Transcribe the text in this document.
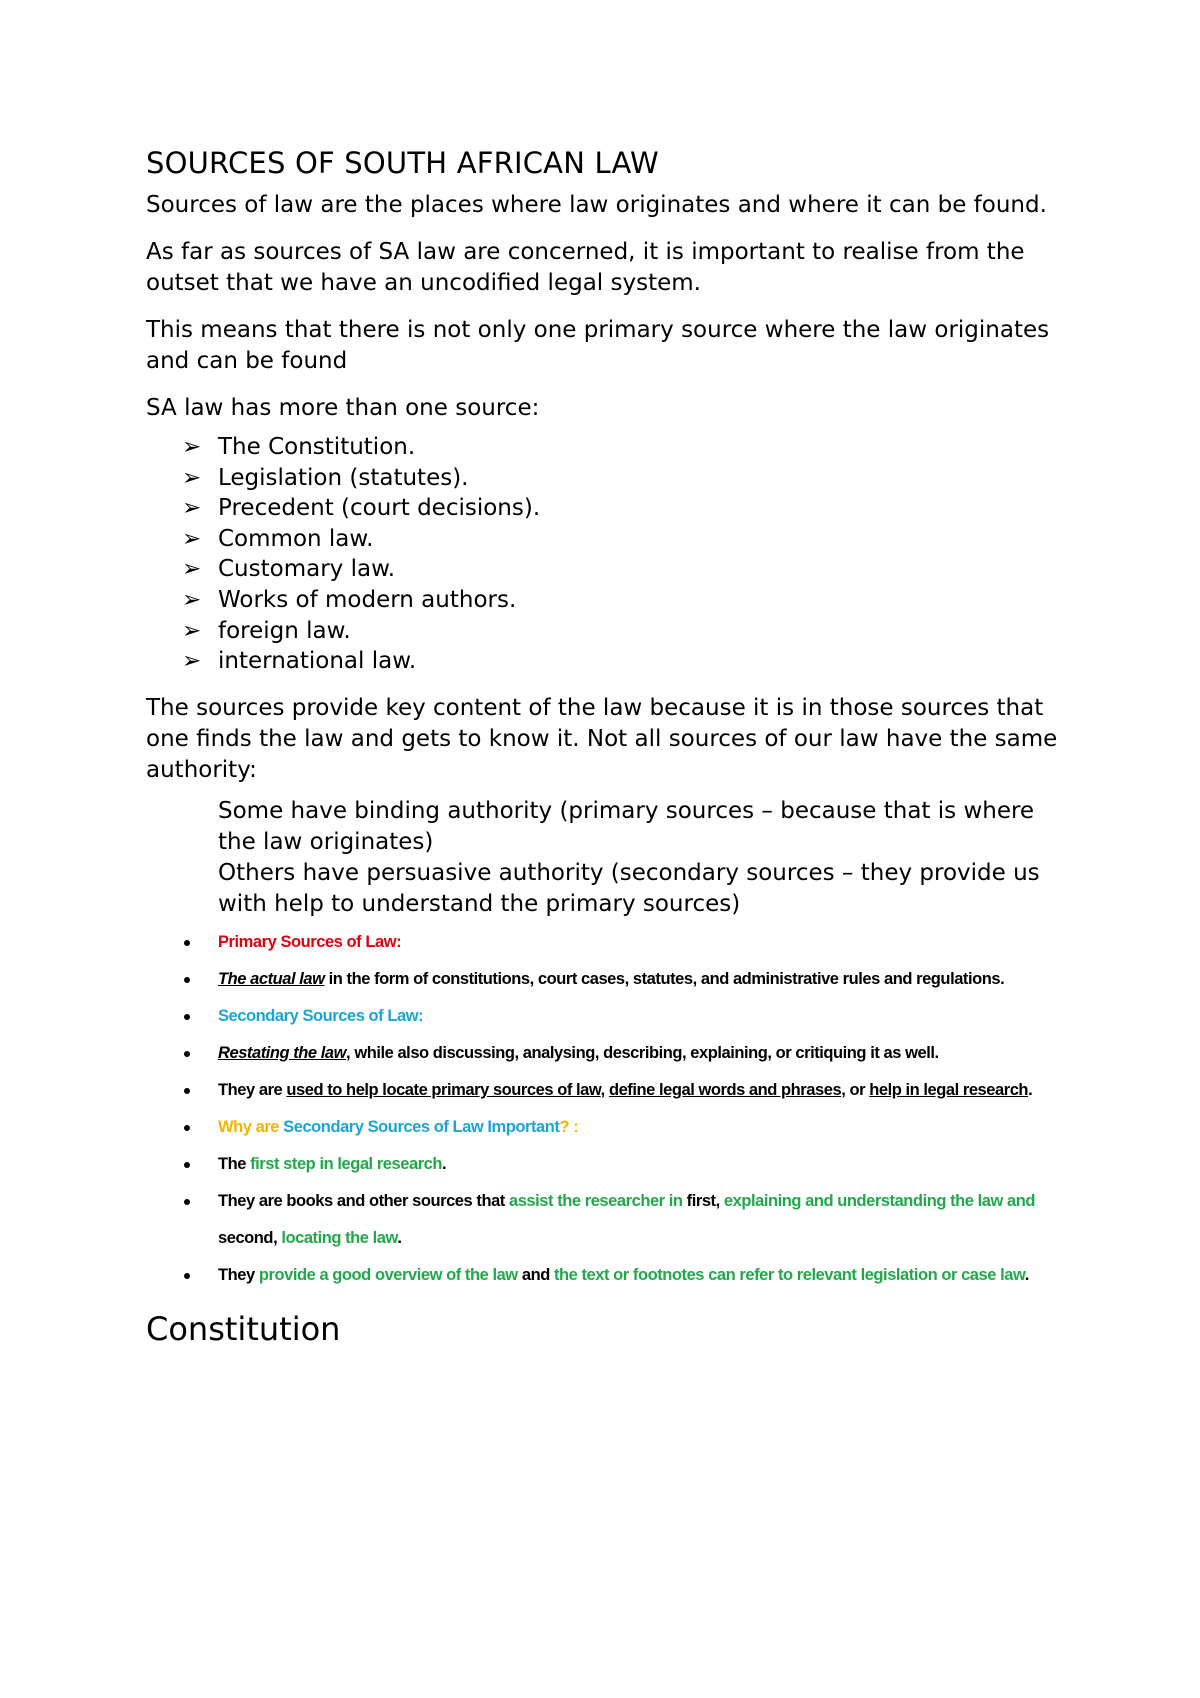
SOURCES OF SOUTH AFRICAN LAW

Sources of law are the places where law originates and where it can be found.

As far as sources of SA law are concerned, it is important to realise from the outset that we have an uncodified legal system.

This means that there is not only one primary source where the law originates and can be found

SA law has more than one source:

➢ The Constitution.
➢ Legislation (statutes).
➢ Precedent (court decisions).
➢ Common law.
➢ Customary law.
➢ Works of modern authors.
➢ foreign law.
➢ international law.

The sources provide key content of the law because it is in those sources that one finds the law and gets to know it. Not all sources of our law have the same authority:

Some have binding authority (primary sources – because that is where the law originates)
Others have persuasive authority (secondary sources – they provide us with help to understand the primary sources)
Primary Sources of Law:
The actual law in the form of constitutions, court cases, statutes, and administrative rules and regulations.
Secondary Sources of Law:
Restating the law, while also discussing, analysing, describing, explaining, or critiquing it as well.
They are used to help locate primary sources of law, define legal words and phrases, or help in legal research.
Why are Secondary Sources of Law Important? :
The first step in legal research.
They are books and other sources that assist the researcher in first, explaining and understanding the law and second, locating the law.
They provide a good overview of the law and the text or footnotes can refer to relevant legislation or case law.
Constitution
